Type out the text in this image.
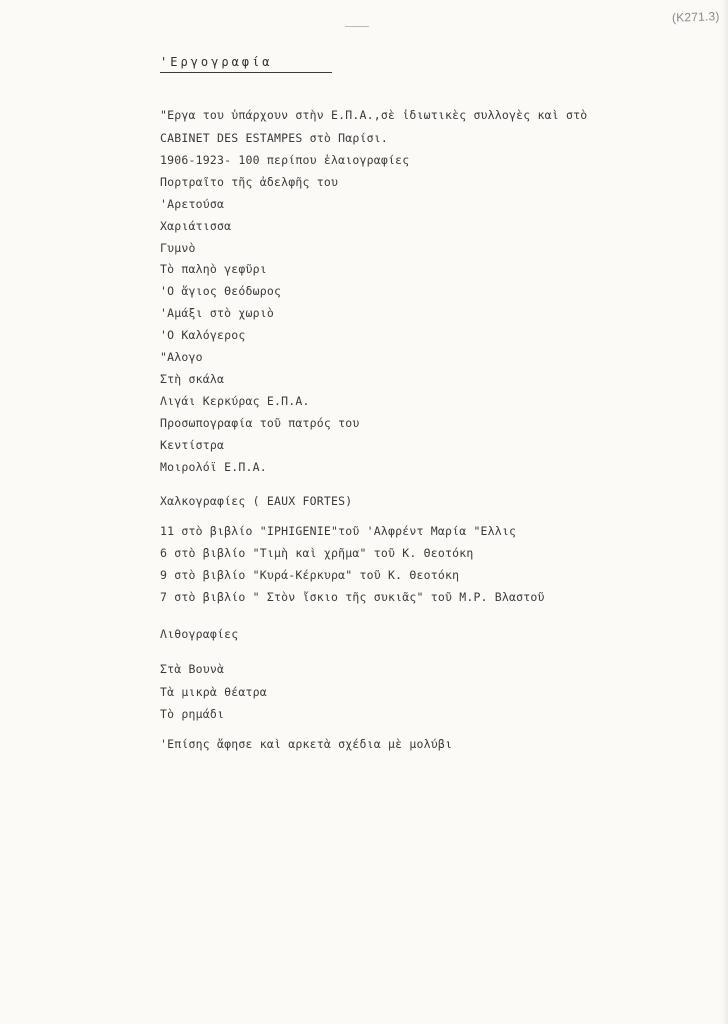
(Κ271.3)
'Εργογραφία
"Εργα του ὑπάρχουν στὴν Ε.Π.Α.,σὲ ἰδιωτικὲς συλλογὲς καὶ στὸ
CABINET DES ESTAMPES στὸ Παρίσι.
1906-1923- 100 περίπου ἐλαιογραφίες
Πορτραῖτο τῆς ἀδελφῆς του
'Αρετούσα
Χαριάτισσα
Γυμνὸ
Τὸ παληὸ γεφῦρι
'Ο ἅγιος Θεόδωρος
'Αμάξι στὸ χωριὸ
'Ο Καλόγερος
"Αλογο
Στὴ σκάλα
Λιγάι Κερκύρας Ε.Π.Α.
Προσωπογραφία τοῦ πατρός του
Κεντίστρα
Μοιρολόϊ Ε.Π.Α.
Χαλκογραφίες ( EAUX FORTES)
11 στὸ βιβλίο "IPHIGENIE"τοῦ 'Αλφρέντ Μαρία "Ελλις
6 στὸ βιβλίο "Τιμὴ καὶ χρῆμα" τοῦ Κ. Θεοτόκη
9 στὸ βιβλίο "Κυρά-Κέρκυρα" τοῦ Κ. Θεοτόκη
7 στὸ βιβλίο " Στὸν ἴσκιο τῆς συκιᾶς" τοῦ Μ.Ρ. Βλαστοῦ
Λιθογραφίες
Στὰ Βουνὰ
Τὰ μικρὰ θέατρα
Τὸ ρημάδι
'Επίσης ἄφησε καὶ αρκετὰ σχέδια μὲ μολύβι
